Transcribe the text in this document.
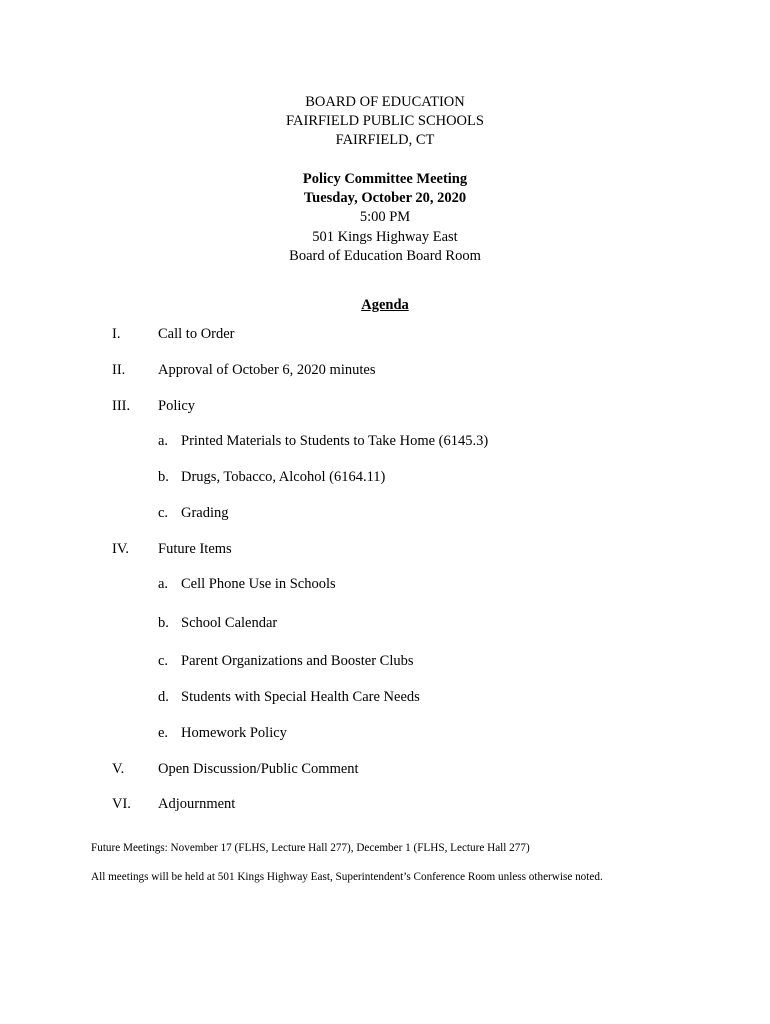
BOARD OF EDUCATION
FAIRFIELD PUBLIC SCHOOLS
FAIRFIELD, CT
Policy Committee Meeting
Tuesday, October 20, 2020
5:00 PM
501 Kings Highway East
Board of Education Board Room
Agenda
I.	Call to Order
II. Approval of October 6, 2020 minutes
III. Policy
a. Printed Materials to Students to Take Home (6145.3)
b. Drugs, Tobacco, Alcohol (6164.11)
c. Grading
IV. Future Items
a. Cell Phone Use in Schools
b. School Calendar
c. Parent Organizations and Booster Clubs
d. Students with Special Health Care Needs
e. Homework Policy
V. Open Discussion/Public Comment
VI. Adjournment
Future Meetings: November 17 (FLHS, Lecture Hall 277), December 1 (FLHS, Lecture Hall 277)
All meetings will be held at 501 Kings Highway East, Superintendent’s Conference Room unless otherwise noted.
